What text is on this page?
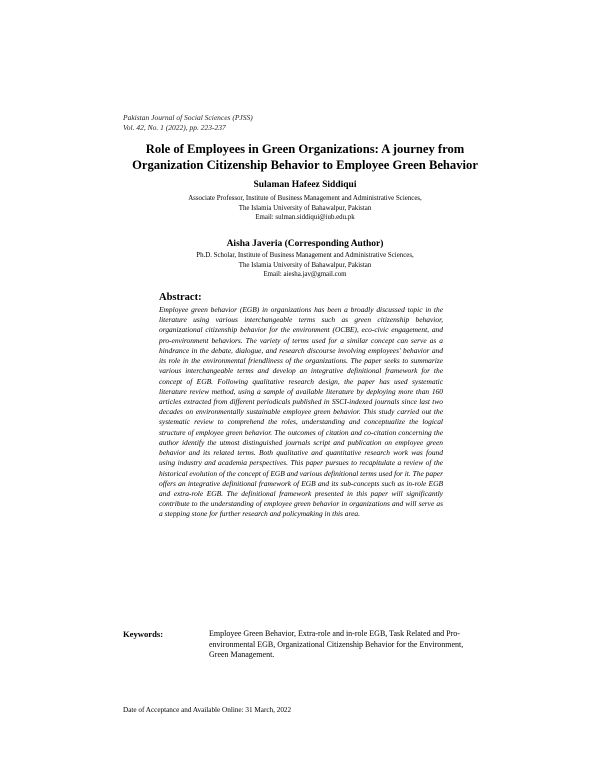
Pakistan Journal of Social Sciences (PJSS)
Vol. 42, No. 1 (2022), pp. 223-237
Role of Employees in Green Organizations: A journey from
Organization Citizenship Behavior to Employee Green Behavior
Sulaman Hafeez Siddiqui
Associate Professor, Institute of Business Management and Administrative Sciences,
The Islamia University of Bahawalpur, Pakistan
Email: sulman.siddiqui@iub.edu.pk
Aisha Javeria (Corresponding Author)
Ph.D. Scholar, Institute of Business Management and Administrative Sciences,
The Islamia University of Bahawalpur, Pakistan
Email: aiesha.jav@gmail.com
Abstract:

Employee green behavior (EGB) in organizations has been a broadly discussed topic in the literature using various interchangeable terms such as green citizenship behavior, organizational citizenship behavior for the environment (OCBE), eco-civic engagement, and pro-environment behaviors. The variety of terms used for a similar concept can serve as a hindrance in the debate, dialogue, and research discourse involving employees' behavior and its role in the environmental friendliness of the organizations. The paper seeks to summarize various interchangeable terms and develop an integrative definitional framework for the concept of EGB. Following qualitative research design, the paper has used systematic literature review method, using a sample of available literature by deploying more than 160 articles extracted from different periodicals published in SSCI-indexed journals since last two decades on environmentally sustainable employee green behavior. This study carried out the systematic review to comprehend the roles, understanding and conceptualize the logical structure of employee green behavior. The outcomes of citation and co-citation concerning the author identify the utmost distinguished journals script and publication on employee green behavior and its related terms. Both qualitative and quantitative research work was found using industry and academia perspectives. This paper pursues to recapitulate a review of the historical evolution of the concept of EGB and various definitional terms used for it. The paper offers an integrative definitional framework of EGB and its sub-concepts such as in-role EGB and extra-role EGB. The definitional framework presented in this paper will significantly contribute to the understanding of employee green behavior in organizations and will serve as a stepping stone for further research and policymaking in this area.

Keywords:	Employee Green Behavior, Extra-role and in-role EGB, Task Related and Pro-environmental EGB, Organizational Citizenship Behavior for the Environment, Green Management.
Date of Acceptance and Available Online: 31 March, 2022
